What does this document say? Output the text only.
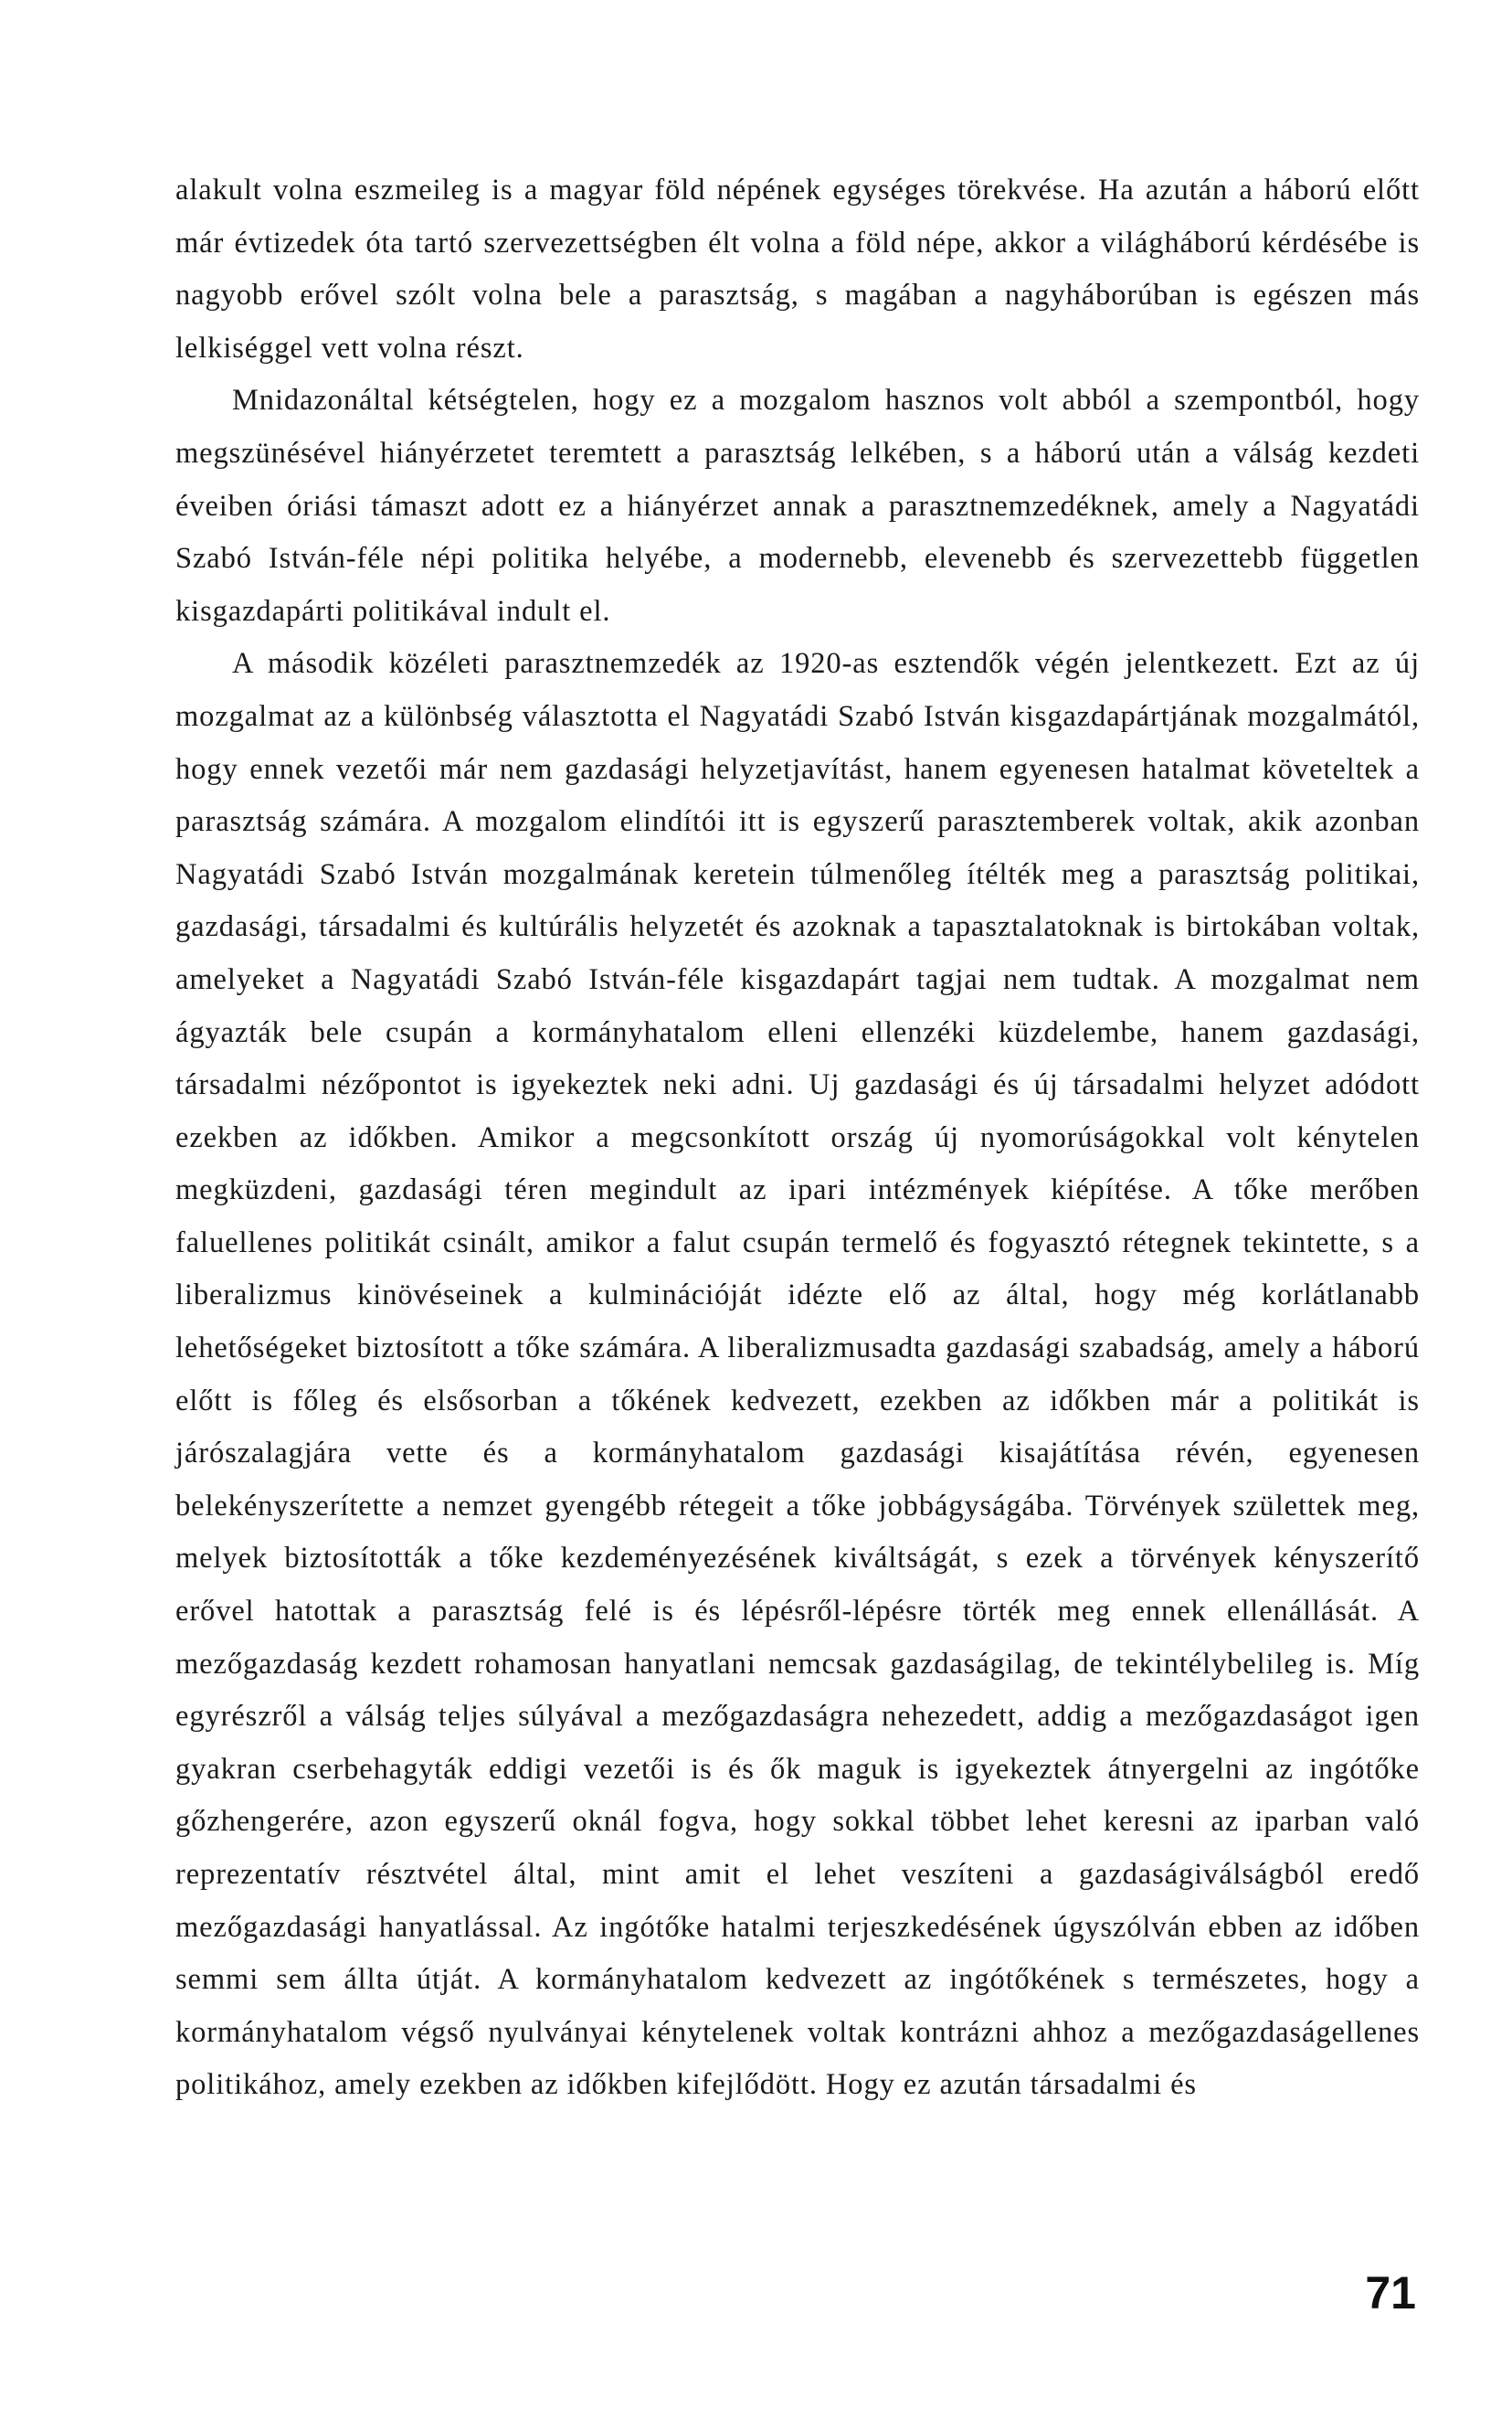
alakult volna eszmeileg is a magyar föld népének egységes törekvése. Ha azután a háború előtt már évtizedek óta tartó szervezettségben élt volna a föld népe, akkor a világháború kérdésébe is nagyobb erővel szólt volna bele a parasztság, s magában a nagyháborúban is egészen más lelkiséggel vett volna részt.

Mnidazonáltal kétségtelen, hogy ez a mozgalom hasznos volt abból a szempontból, hogy megszünésével hiányérzetet teremtett a parasztság lelkében, s a háború után a válság kezdeti éveiben óriási támaszt adott ez a hiányérzet annak a parasztnemzedéknek, amely a Nagyatádi Szabó István-féle népi politika helyébe, a modernebb, elevenebb és szervezettebb független kisgazdapárti politikával indult el.

A második közéleti parasztnemzedék az 1920-as esztendők végén jelentkezett. Ezt az új mozgalmat az a különbség választotta el Nagyatádi Szabó István kisgazdapártjának mozgalmától, hogy ennek vezetői már nem gazdasági helyzetjavítást, hanem egyenesen hatalmat követeltek a parasztság számára. A mozgalom elindítói itt is egyszerű parasztemberek voltak, akik azonban Nagyatádi Szabó István mozgalmának keretein túlmenőleg ítélték meg a parasztság politikai, gazdasági, társadalmi és kultúrális helyzetét és azoknak a tapasztalatoknak is birtokában voltak, amelyeket a Nagyatádi Szabó István-féle kisgazdapárt tagjai nem tudtak. A mozgalmat nem ágyazták bele csupán a kormányhatalom elleni ellenzéki küzdelembe, hanem gazdasági, társadalmi nézőpontot is igyekeztek neki adni. Uj gazdasági és új társadalmi helyzet adódott ezekben az időkben. Amikor a megcsonkított ország új nyomorúságokkal volt kénytelen megküzdeni, gazdasági téren megindult az ipari intézmények kiépítése. A tőke merőben faluellenes politikát csinált, amikor a falut csupán termelő és fogyasztó rétegnek tekintette, s a liberalizmus kinövéseinek a kulminációját idézte elő az által, hogy még korlátlanabb lehetőségeket biztosított a tőke számára. A liberalizmusadta gazdasági szabadság, amely a háború előtt is főleg és elsősorban a tőkének kedvezett, ezekben az időkben már a politikát is járószalagjára vette és a kormányhatalom gazdasági kisajátítása révén, egyenesen belekényszerítette a nemzet gyengébb rétegeit a tőke jobbágyságába. Törvények születtek meg, melyek biztosították a tőke kezdeményezésének kiváltságát, s ezek a törvények kényszerítő erővel hatottak a parasztság felé is és lépésről-lépésre törték meg ennek ellenállását. A mezőgazdaság kezdett rohamosan hanyatlani nemcsak gazdaságilag, de tekintélybelileg is. Míg egyrészről a válság teljes súlyával a mezőgazdaságra nehezedett, addig a mezőgazdaságot igen gyakran cserbehagyták eddigi vezetői is és ők maguk is igyekeztek átnyergelni az ingótőke gőzhengerére, azon egyszerű oknál fogva, hogy sokkal többet lehet keresni az iparban való reprezentatív résztvétel által, mint amit el lehet veszíteni a gazdaságiválságból eredő mezőgazdasági hanyatlással. Az ingótőke hatalmi terjeszkedésének úgyszólván ebben az időben semmi sem állta útját. A kormányhatalom kedvezett az ingótőkének s természetes, hogy a kormányhatalom végső nyulványai kénytelenek voltak kontrázni ahhoz a mezőgazdaságellenes politikához, amely ezekben az időkben kifejlődött. Hogy ez azután társadalmi és

71
